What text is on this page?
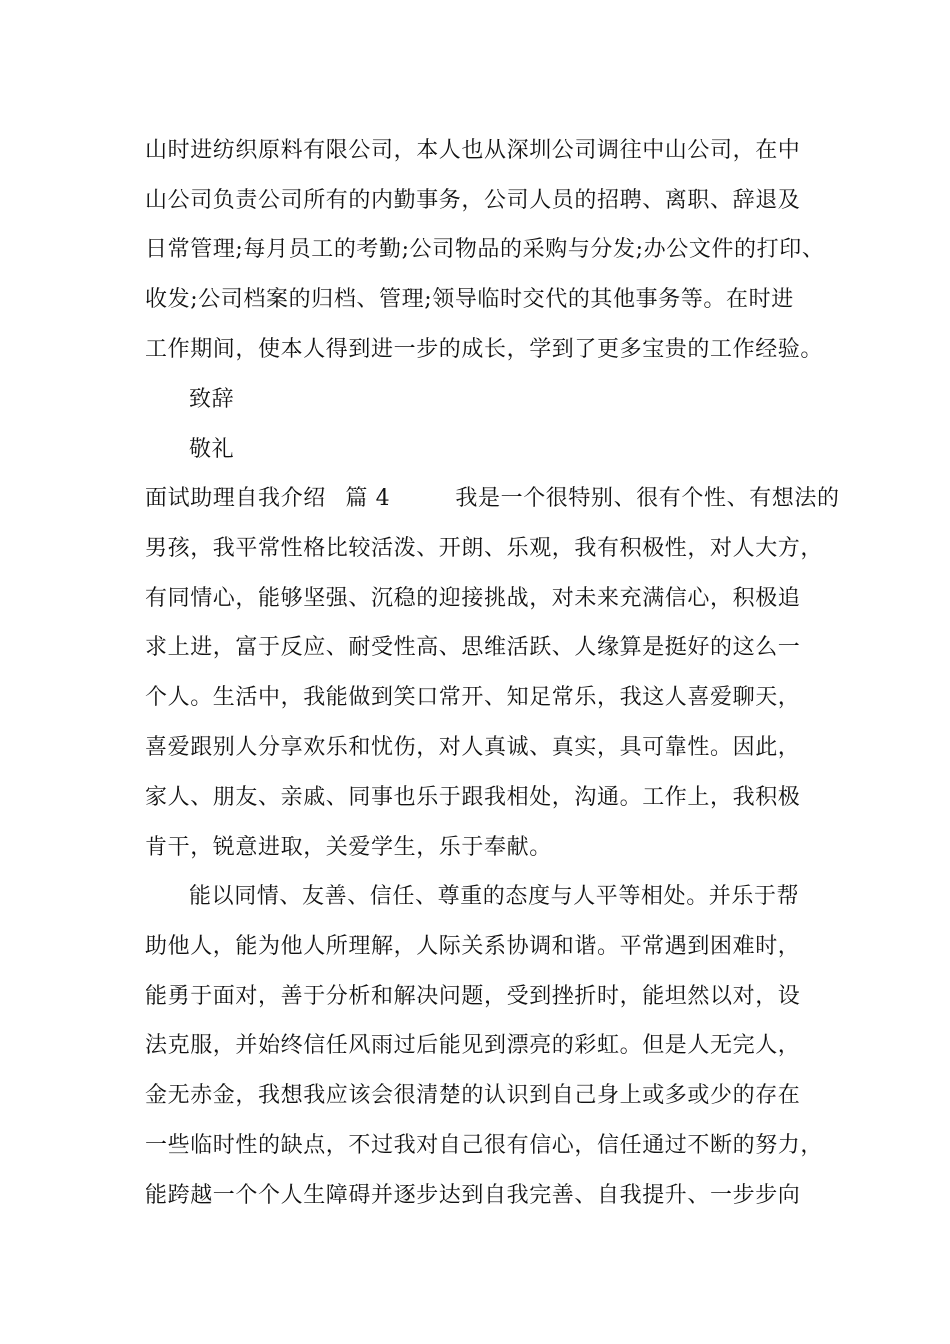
山时进纺织原料有限公司，本人也从深圳公司调往中山公司，在中
山公司负责公司所有的内勤事务，公司人员的招聘、离职、辞退及
日常管理;每月员工的考勤;公司物品的采购与分发;办公文件的打印、
收发;公司档案的归档、管理;领导临时交代的其他事务等。在时进
工作期间，使本人得到进一步的成长，学到了更多宝贵的工作经验。
致辞
敬礼
面试助理自我介绍 篇 4	我是一个很特别、很有个性、有想法的
男孩，我平常性格比较活泼、开朗、乐观，我有积极性，对人大方，
有同情心，能够坚强、沉稳的迎接挑战，对未来充满信心，积极追
求上进，富于反应、耐受性高、思维活跃、人缘算是挺好的这么一
个人。生活中，我能做到笑口常开、知足常乐，我这人喜爱聊天，
喜爱跟别人分享欢乐和忧伤，对人真诚、真实，具可靠性。因此，
家人、朋友、亲戚、同事也乐于跟我相处，沟通。工作上，我积极
肯干，锐意进取，关爱学生，乐于奉献。
能以同情、友善、信任、尊重的态度与人平等相处。并乐于帮
助他人，能为他人所理解，人际关系协调和谐。平常遇到困难时，
能勇于面对，善于分析和解决问题，受到挫折时，能坦然以对，设
法克服，并始终信任风雨过后能见到漂亮的彩虹。但是人无完人，
金无赤金，我想我应该会很清楚的认识到自己身上或多或少的存在
一些临时性的缺点，不过我对自己很有信心，信任通过不断的努力，
能跨越一个个人生障碍并逐步达到自我完善、自我提升、一步步向
